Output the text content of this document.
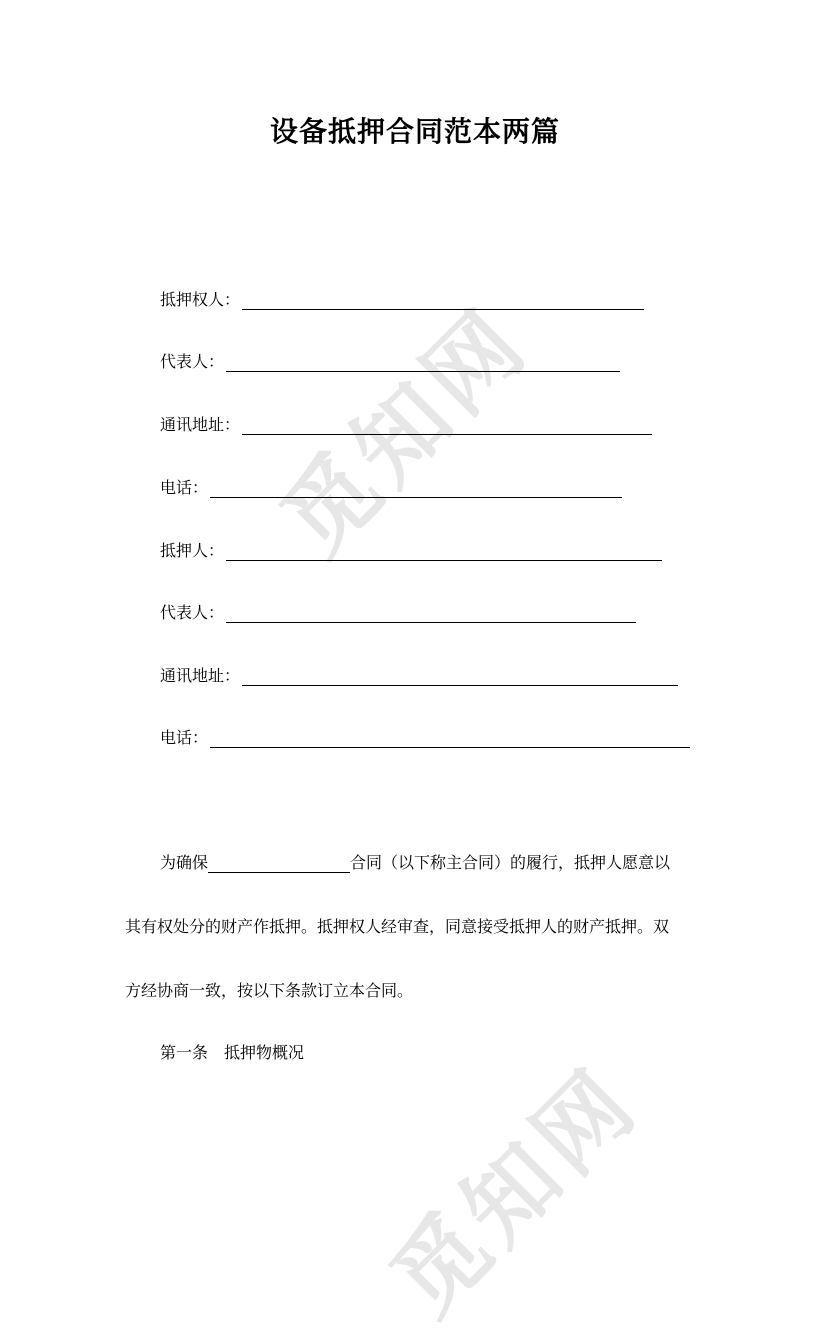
觅知网
觅知网
设备抵押合同范本两篇
抵押权人：
代表人：
通讯地址：
电话：
抵押人：
代表人：
通讯地址：
电话：
为确保	合同（以下称主合同）的履行，抵押人愿意以
其有权处分的财产作抵押。抵押权人经审查，同意接受抵押人的财产抵押。双
方经协商一致，按以下条款订立本合同。
第一条　抵押物概况
